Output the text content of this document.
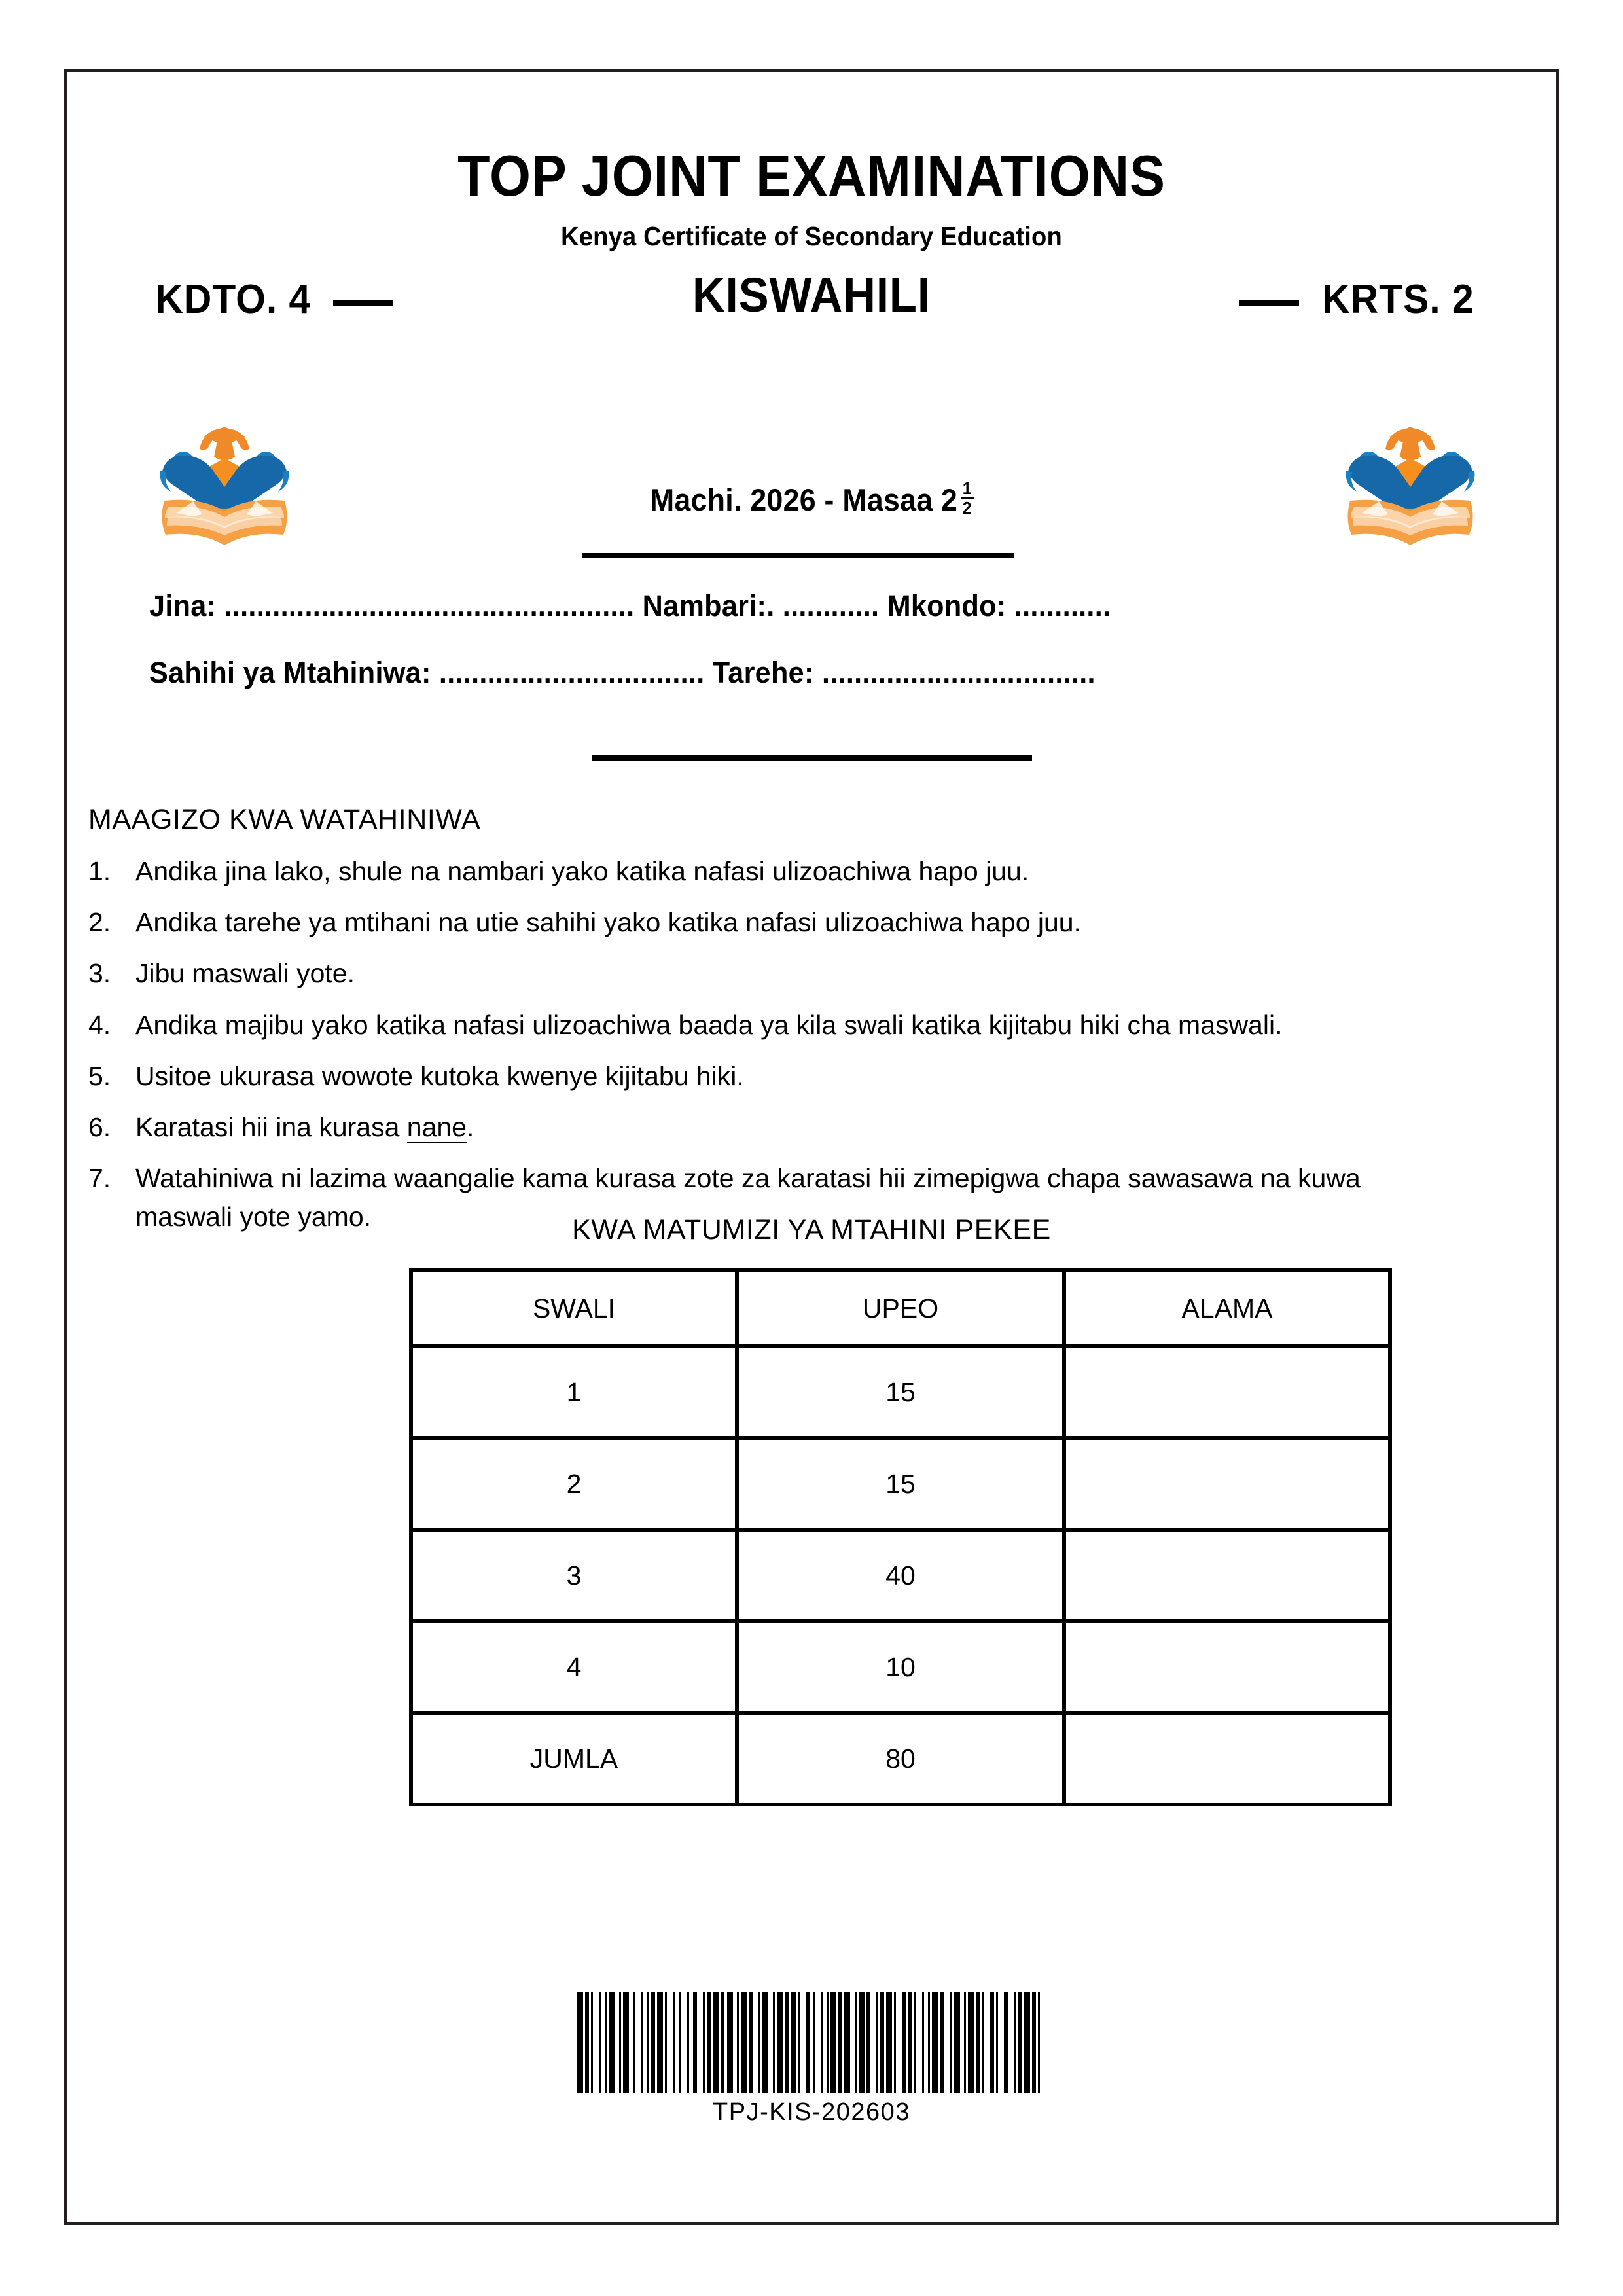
TOP JOINT EXAMINATIONS
Kenya Certificate of Secondary Education
KDTO. 4	KISWAHILI	KRTS. 2
Machi. 2026 - Masaa $2 \frac{1}{2}$
Jina: ................................................... Nambari:. ............ Mkondo: ............
Sahihi ya Mtahiniwa: ................................. Tarehe: ..................................
MAAGIZO KWA WATAHINIWA
1. Andika jina lako, shule na nambari yako katika nafasi ulizoachiwa hapo juu.
2. Andika tarehe ya mtihani na utie sahihi yako katika nafasi ulizoachiwa hapo juu.
3. Jibu maswali yote.
4. Andika majibu yako katika nafasi ulizoachiwa baada ya kila swali katika kijitabu hiki cha maswali.
5. Usitoe ukurasa wowote kutoka kwenye kijitabu hiki.
6. Karatasi hii ina kurasa nane.
7. Watahiniwa ni lazima waangalie kama kurasa zote za karatasi hii zimepigwa chapa sawasawa na kuwa maswali yote yamo.	KWA MATUMIZI YA MTAHINI PEKEE
SWALI	UPEO	ALAMA
1	15	
2	15	
3	40	
4	10	
JUMLA	80	
TPJ-KIS-202603
